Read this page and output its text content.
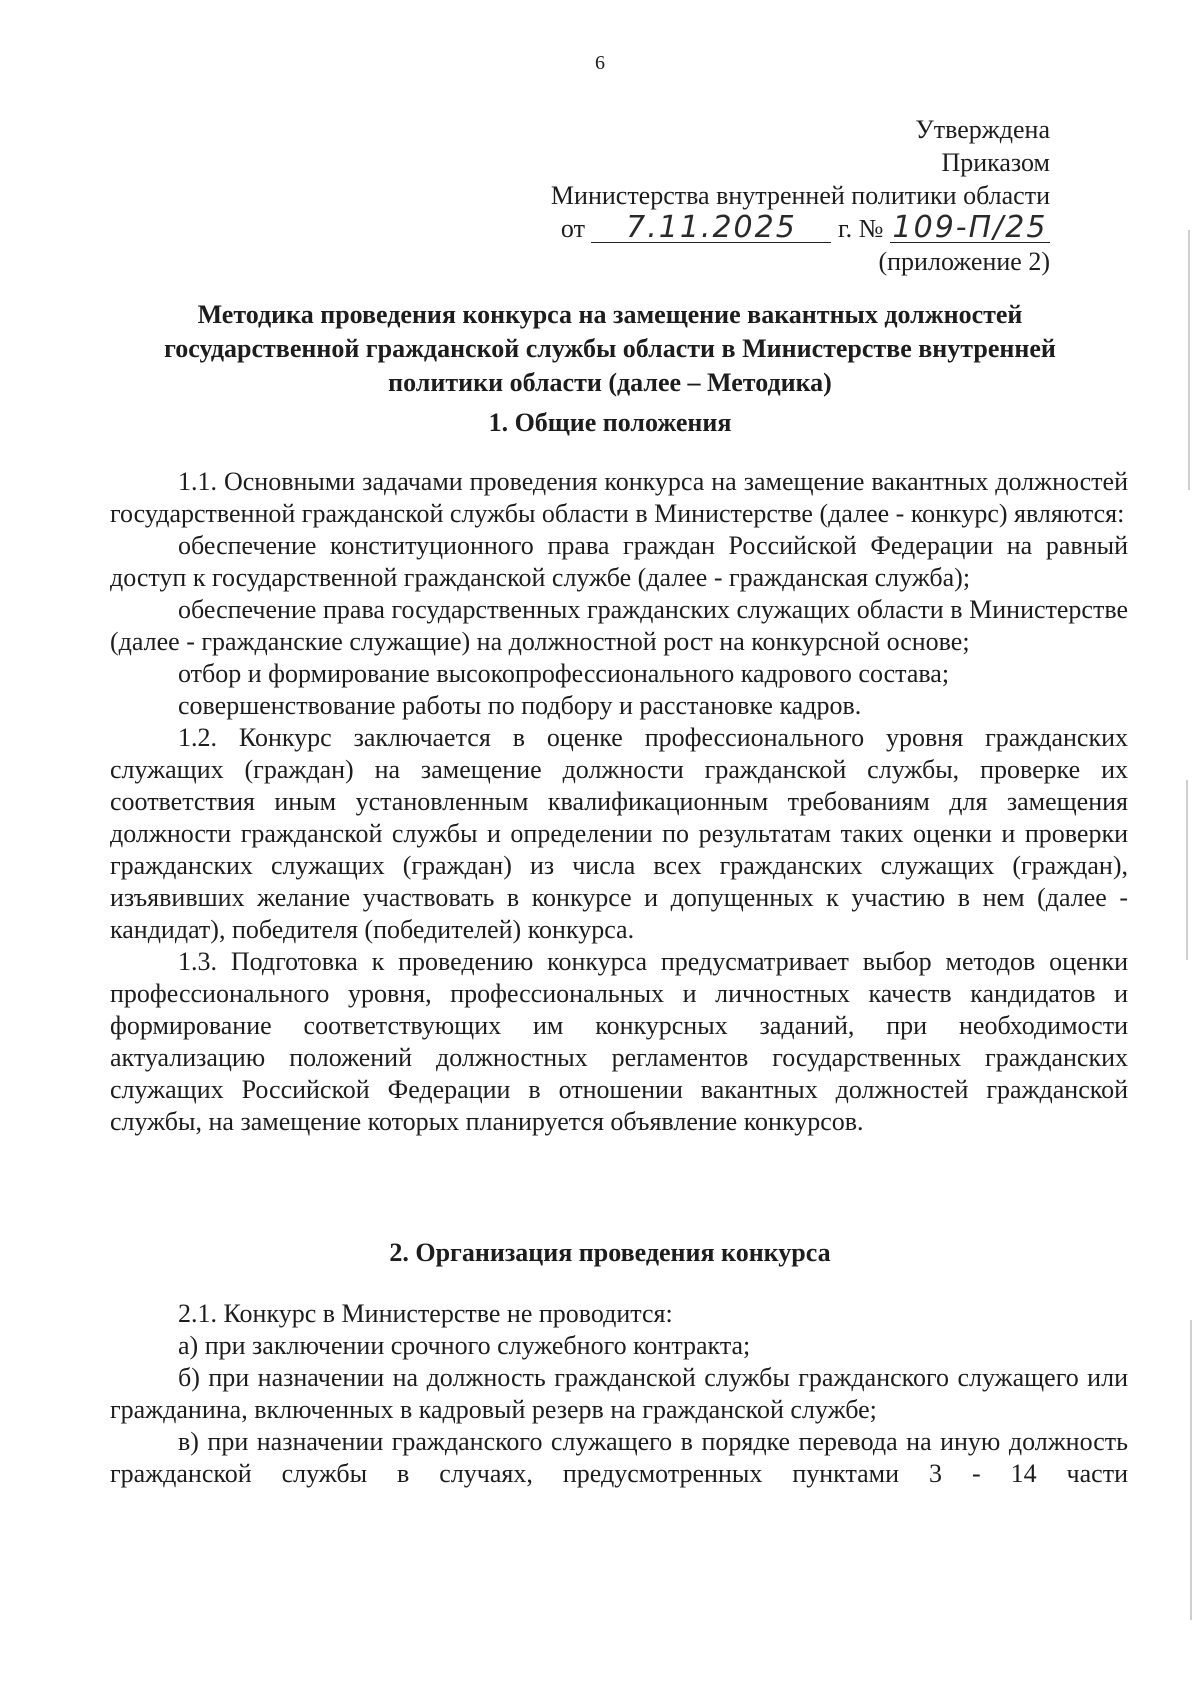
6
Утверждена
Приказом
Министерства внутренней политики области
от 7.11.2025 г. № 109-П/25
(приложение 2)
Методика проведения конкурса на замещение вакантных должностей государственной гражданской службы области в Министерстве внутренней политики области (далее – Методика)
1. Общие положения

1.1. Основными задачами проведения конкурса на замещение вакантных должностей государственной гражданской службы области в Министерстве (далее - конкурс) являются:

обеспечение конституционного права граждан Российской Федерации на равный доступ к государственной гражданской службе (далее - гражданская служба);

обеспечение права государственных гражданских служащих области в Министерстве (далее - гражданские служащие) на должностной рост на конкурсной основе;

отбор и формирование высокопрофессионального кадрового состава;

совершенствование работы по подбору и расстановке кадров.

1.2. Конкурс заключается в оценке профессионального уровня гражданских служащих (граждан) на замещение должности гражданской службы, проверке их соответствия иным установленным квалификационным требованиям для замещения должности гражданской службы и определении по результатам таких оценки и проверки гражданских служащих (граждан) из числа всех гражданских служащих (граждан), изъявивших желание участвовать в конкурсе и допущенных к участию в нем (далее - кандидат), победителя (победителей) конкурса.

1.3. Подготовка к проведению конкурса предусматривает выбор методов оценки профессионального уровня, профессиональных и личностных качеств кандидатов и формирование соответствующих им конкурсных заданий, при необходимости актуализацию положений должностных регламентов государственных гражданских служащих Российской Федерации в отношении вакантных должностей гражданской службы, на замещение которых планируется объявление конкурсов.

2. Организация проведения конкурса

2.1. Конкурс в Министерстве не проводится:

а) при заключении срочного служебного контракта;

б) при назначении на должность гражданской службы гражданского служащего или гражданина, включенных в кадровый резерв на гражданской службе;

в) при назначении гражданского служащего в порядке перевода на иную должность гражданской службы в случаях, предусмотренных пунктами 3 - 14 части
